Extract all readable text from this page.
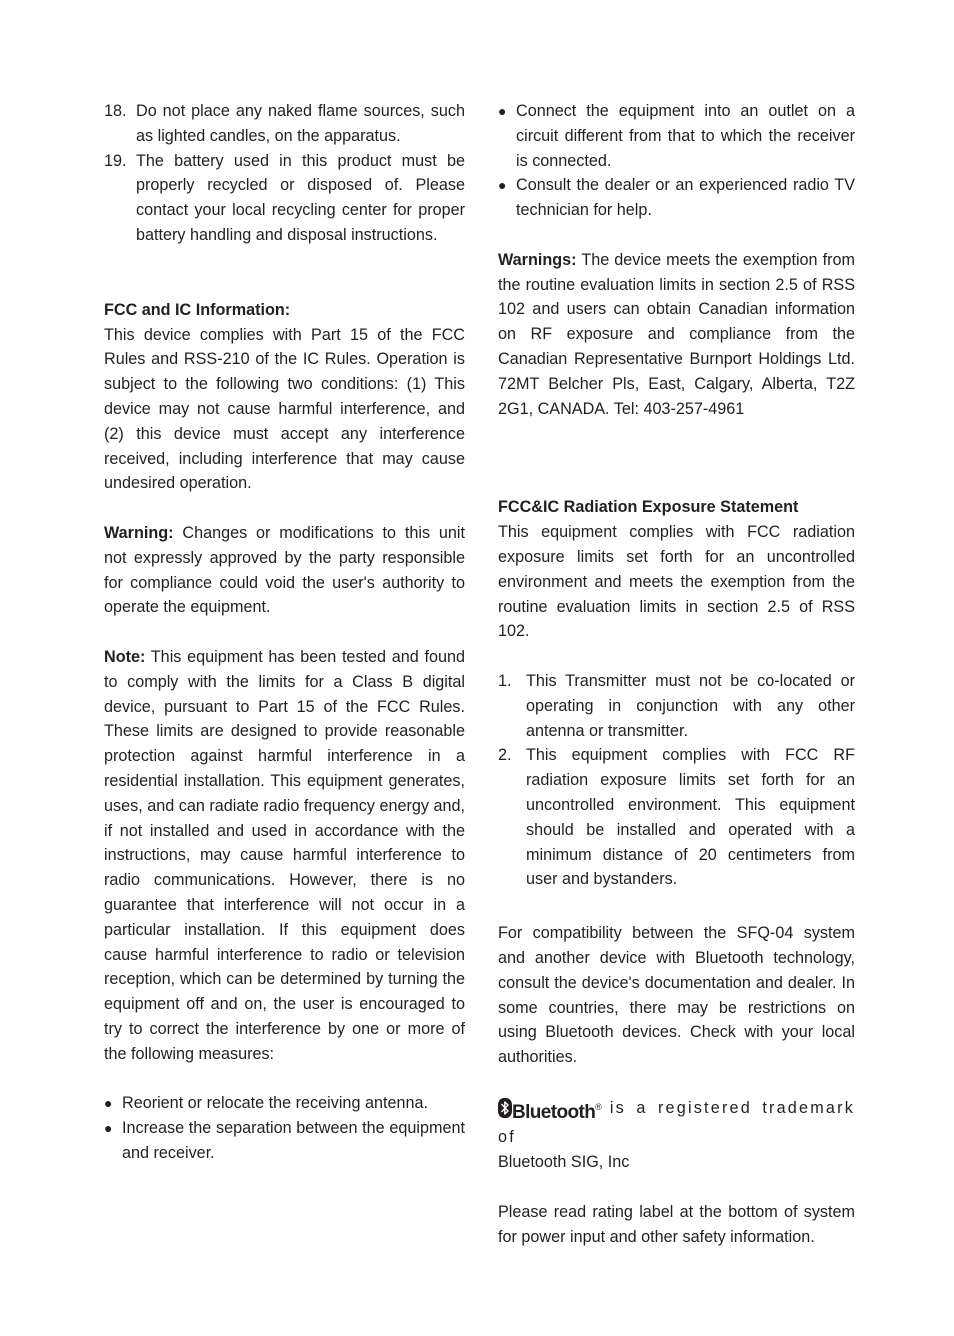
18. Do not place any naked flame sources, such as lighted candles, on the apparatus.
19. The battery used in this product must be properly recycled or disposed of. Please contact your local recycling center for proper battery handling and disposal instructions.

FCC and IC Information:

This device complies with Part 15 of the FCC Rules and RSS-210 of the IC Rules. Operation is subject to the following two conditions: (1) This device may not cause harmful interference, and (2) this device must accept any interference received, including interference that may cause undesired operation.

Warning: Changes or modifications to this unit not expressly approved by the party responsible for compliance could void the user's authority to operate the equipment.

Note: This equipment has been tested and found to comply with the limits for a Class B digital device, pursuant to Part 15 of the FCC Rules. These limits are designed to provide reasonable protection against harmful interference in a residential installation. This equipment generates, uses, and can radiate radio frequency energy and, if not installed and used in accordance with the instructions, may cause harmful interference to radio communications. However, there is no guarantee that interference will not occur in a particular installation. If this equipment does cause harmful interference to radio or television reception, which can be determined by turning the equipment off and on, the user is encouraged to try to correct the interference by one or more of the following measures:

● Reorient or relocate the receiving antenna.
● Increase the separation between the equipment and receiver.
● Connect the equipment into an outlet on a circuit different from that to which the receiver is connected.
● Consult the dealer or an experienced radio TV technician for help.

Warnings: The device meets the exemption from the routine evaluation limits in section 2.5 of RSS 102 and users can obtain Canadian information on RF exposure and compliance from the Canadian Representative Burnport Holdings Ltd. 72MT Belcher Pls, East, Calgary, Alberta, T2Z 2G1, CANADA. Tel: 403-257-4961

FCC&IC Radiation Exposure Statement

This equipment complies with FCC radiation exposure limits set forth for an uncontrolled environment and meets the exemption from the routine evaluation limits in section 2.5 of RSS 102.

1. This Transmitter must not be co-located or operating in conjunction with any other antenna or transmitter.
2. This equipment complies with FCC RF radiation exposure limits set forth for an uncontrolled environment. This equipment should be installed and operated with a minimum distance of 20 centimeters from user and bystanders.

For compatibility between the SFQ-04 system and another device with Bluetooth technology, consult the device's documentation and dealer. In some countries, there may be restrictions on using Bluetooth devices. Check with your local authorities.

Bluetooth® is a registered trademark of
Bluetooth SIG, Inc

Please read rating label at the bottom of system for power input and other safety information.
